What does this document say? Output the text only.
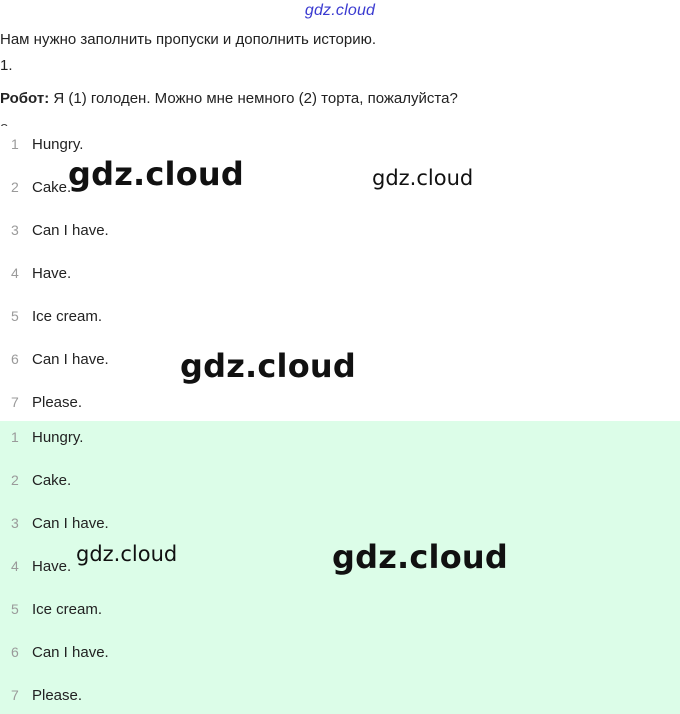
gdz.cloud
Нам нужно заполнить пропуски и дополнить историю.
1.
Робот: Я (1) голоден. Можно мне немного (2) торта, пожалуйста?
1 Hungry.
2 Cake.
3 Can I have.
4 Have.
5 Ice cream.
6 Can I have.
7 Please.
1 Hungry.
2 Cake.
3 Can I have.
4 Have.
5 Ice cream.
6 Can I have.
7 Please.
gdz.cloud	gdz.cloud
gdz.cloud
gdz.cloud	gdz.cloud
